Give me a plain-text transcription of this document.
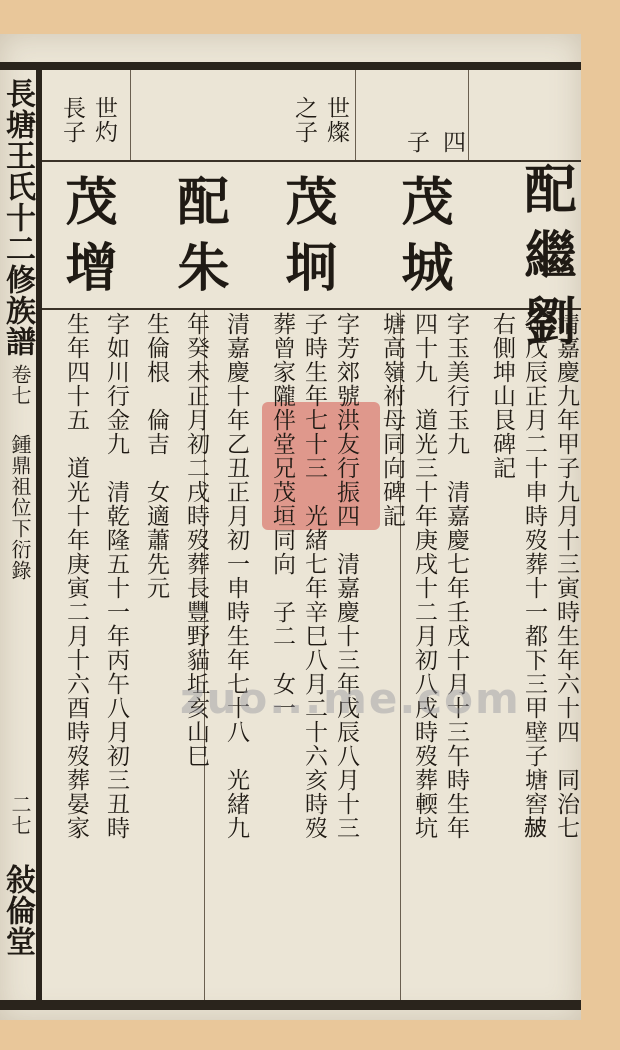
長塘王氏十二修族譜
卷七
鍾鼎祖位下衍錄
二七
敍倫堂
世灼
長子	世燦
之子	四
子
配繼劉
茂城
茂坰
配朱
茂增
清嘉慶九年甲子九月十三寅時生年六十四　同治七
年戊辰正月二十申時歿葬十一都下三甲壁子塘窖𧹞
右側坤山艮碑記
字玉美行玉九　清嘉慶七年壬戌十月十三午時生年
四十九　道光三十年庚戌十二月初八戌時歿葬輭坑
塘高嶺祔母同向碑記
字芳郊號洪友行振四　清嘉慶十三年戊辰八月十三
子時生年七十三　光緒七年辛巳八月二十六亥時歿
葬曾家隴伴堂兄茂垣同向　子二　女一
清嘉慶十年乙丑正月初一申時生年七十八　光緒九
年癸未正月初二戌時歿葬長豐野貓坵亥山巳
生倫根　倫吉　女適蕭先元
字如川行金九　清乾隆五十一年丙午八月初三丑時
生年四十五　道光十年庚寅二月十六酉時歿葬晏家 zuo...me.com
